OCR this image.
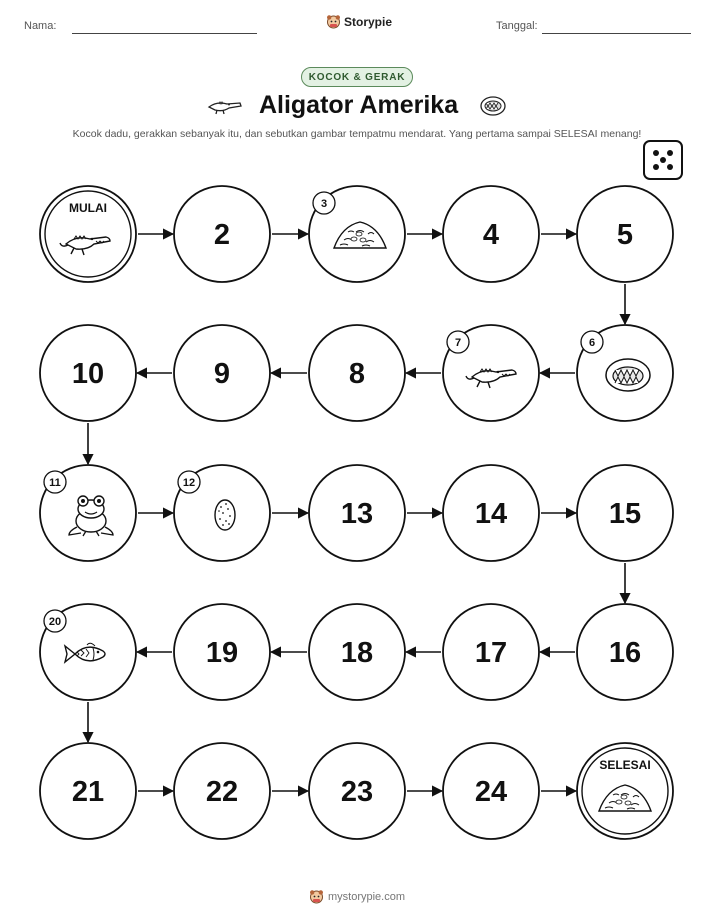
Nama:	Storypie	Tanggal:
KOCOK & GERAK
Aligator Amerika
Kocok dadu, gerakkan sebanyak itu, dan sebutkan gambar tempatmu mendarat. Yang pertama sampai SELESAI menang!
MULAI
2
3
4	5
6
7
8
9
10
11	12
13	14	15
16
17
18
19
20
21	22	23	24
SELESAI
mystorypie.com
